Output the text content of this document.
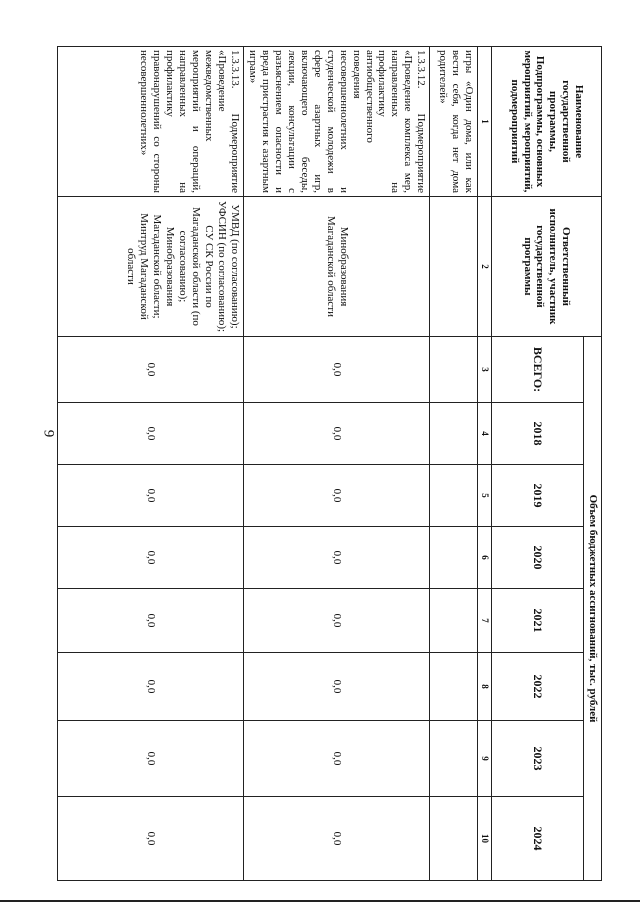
9
Наименование государственной программы, Подпрограммы, основных мероприятий, мероприятий, подмероприятий	Ответственный исполнитель, участник государственной программы	Объем бюджетных ассигнований, тыс. рублей							
		ВСЕГО:	2018	2019	2020	2021	2022	2023	2024
1	2	3	4	5	6	7	8	9	10
игры «Один дома, или как вести себя, когда нет дома родителей»									
1.3.3.12. Подмероприятие «Проведение комплекса мер, направленных на профилактику антиобщественного поведения несовершеннолетних и студенческой молодежи в сфере азартных игр, включающего беседы, лекции, консультации с разъяснением опасности и вреда пристрастия к азартным играм»	Минобразования Магаданской области	0,0	0,0	0,0	0,0	0,0	0,0	0,0	0,0
1.3.3.13. Подмероприятие «Проведение межведомственных мероприятий и операций, направленных на профилактику правонарушений со стороны несовершеннолетних»	УМВД (по согласованию); УФСИН (по согласованию); СУ СК России по Магаданской области (по согласованию); Минобразования Магаданской области; Минтруд Магаданской области	0,0	0,0	0,0	0,0	0,0	0,0	0,0	0,0
